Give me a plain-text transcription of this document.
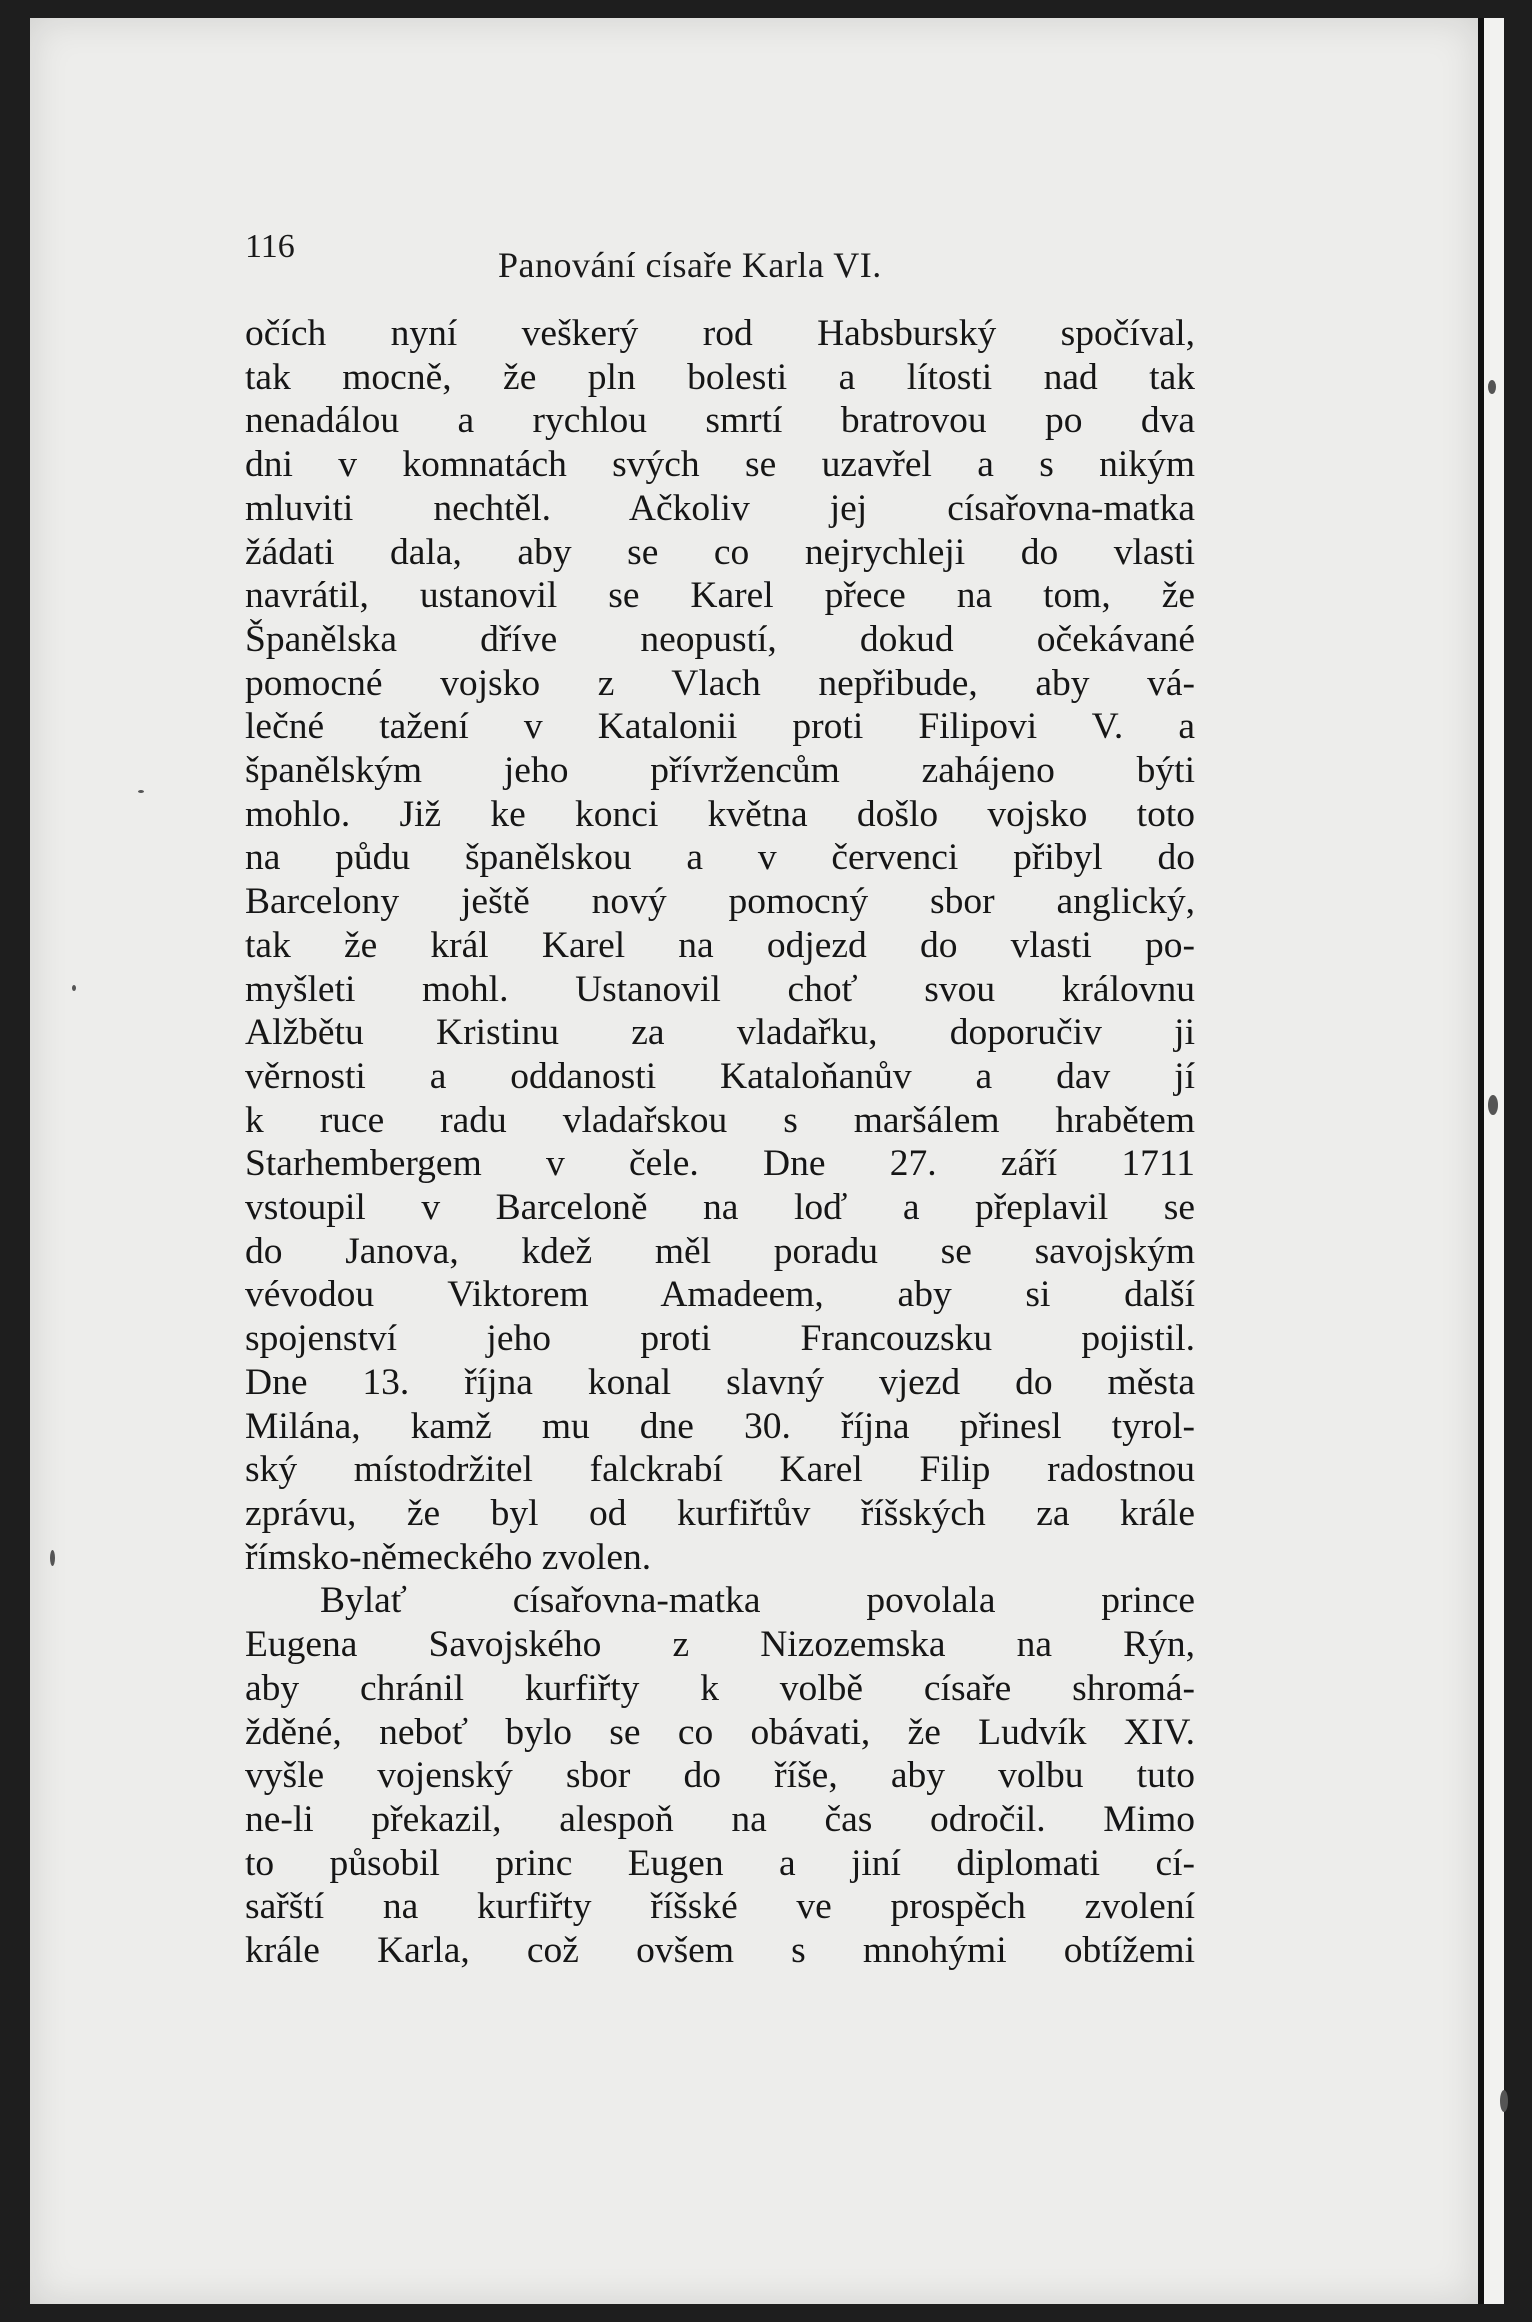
116	Panování císaře Karla VI.
očích nyní veškerý rod Habsburský spočíval,
tak mocně, že pln bolesti a lítosti nad tak
nenadálou a rychlou smrtí bratrovou po dva
dni v komnatách svých se uzavřel a s nikým
mluviti nechtěl. Ačkoliv jej císařovna-matka
žádati dala, aby se co nejrychleji do vlasti
navrátil, ustanovil se Karel přece na tom, že
Španělska dříve neopustí, dokud očekávané
pomocné vojsko z Vlach nepřibude, aby vá-
lečné tažení v Katalonii proti Filipovi V. a
španělským jeho přívržencům zahájeno býti
mohlo. Již ke konci května došlo vojsko toto
na půdu španělskou a v červenci přibyl do
Barcelony ještě nový pomocný sbor anglický,
tak že král Karel na odjezd do vlasti po-
myšleti mohl. Ustanovil choť svou královnu
Alžbětu Kristinu za vladařku, doporučiv ji
věrnosti a oddanosti Kataloňanův a dav jí
k ruce radu vladařskou s maršálem hrabětem
Starhembergem v čele. Dne 27. září 1711
vstoupil v Barceloně na loď a přeplavil se
do Janova, kdež měl poradu se savojským
vévodou Viktorem Amadeem, aby si další
spojenství jeho proti Francouzsku pojistil.
Dne 13. října konal slavný vjezd do města
Milána, kamž mu dne 30. října přinesl tyrol-
ský místodržitel falckrabí Karel Filip radostnou
zprávu, že byl od kurfiřtův říšských za krále
římsko-německého zvolen.
Bylať císařovna-matka povolala prince
Eugena Savojského z Nizozemska na Rýn,
aby chránil kurfiřty k volbě císaře shromá-
žděné, neboť bylo se co obávati, že Ludvík XIV.
vyšle vojenský sbor do říše, aby volbu tuto
ne-li překazil, alespoň na čas odročil. Mimo
to působil princ Eugen a jiní diplomati cí-
sařští na kurfiřty říšské ve prospěch zvolení
krále Karla, což ovšem s mnohými obtížemi
